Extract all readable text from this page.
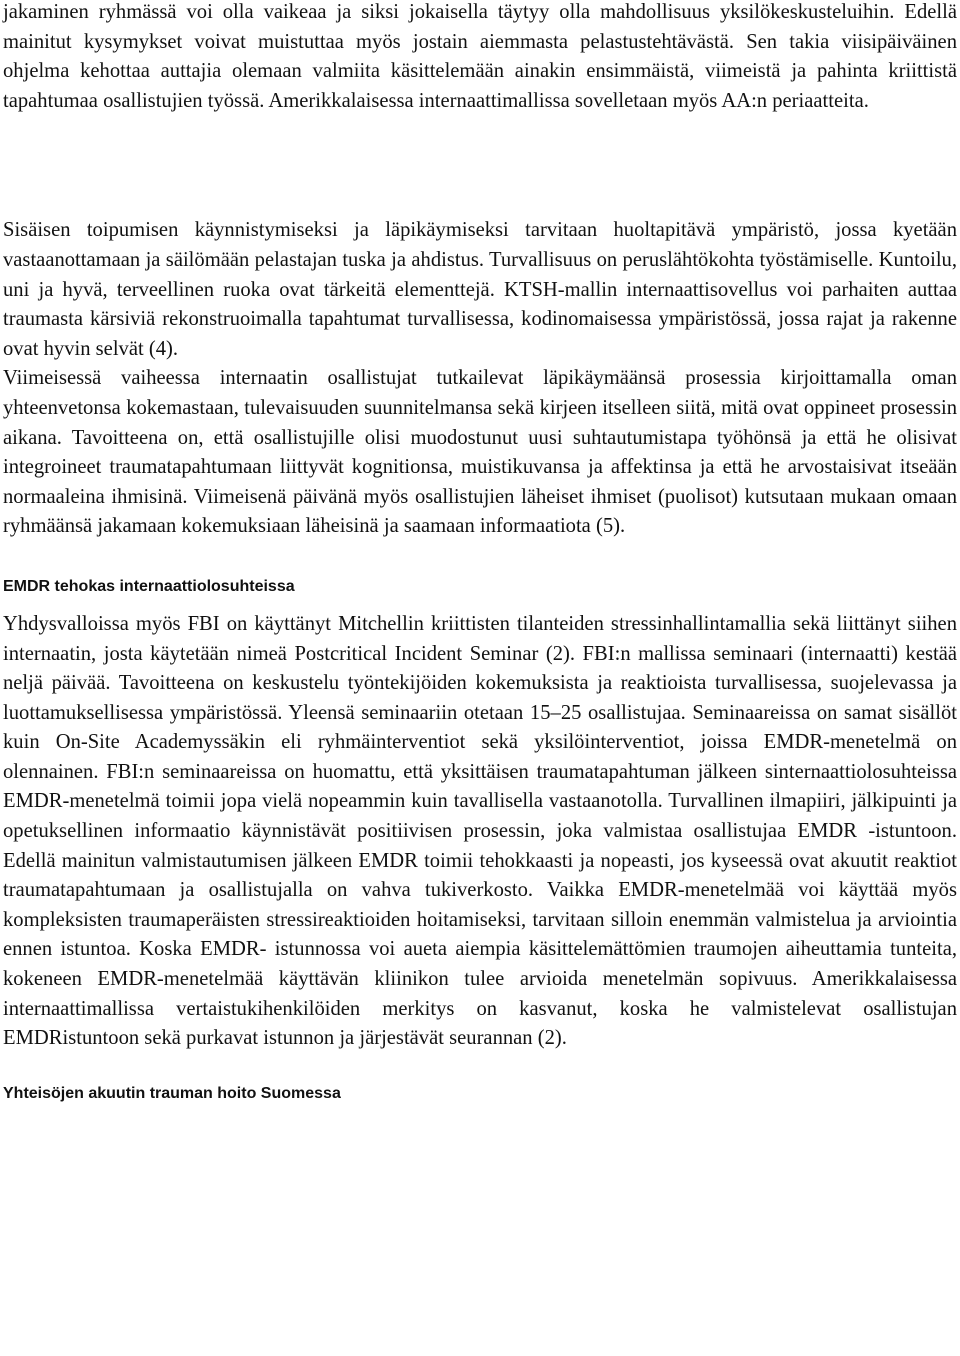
jakaminen ryhmässä voi olla vaikeaa ja siksi jokaisella täytyy olla mahdollisuus yksilökeskusteluihin. Edellä mainitut kysymykset voivat muistuttaa myös jostain aiemmasta pelastustehtävästä. Sen takia viisipäiväinen ohjelma kehottaa auttajia olemaan valmiita käsittelemään ainakin ensimmäistä, viimeistä ja pahinta kriittistä tapahtumaa osallistujien työssä. Amerikkalaisessa internaattimallissa sovelletaan myös AA:n periaatteita.

Sisäisen toipumisen käynnistymiseksi ja läpikäymiseksi tarvitaan huoltapitävä ympäristö, jossa kyetään vastaanottamaan ja säilömään pelastajan tuska ja ahdistus. Turvallisuus on peruslähtökohta työstämiselle. Kuntoilu, uni ja hyvä, terveellinen ruoka ovat tärkeitä elementtejä. KTSH-mallin internaattisovellus voi parhaiten auttaa traumasta kärsiviä rekonstruoimalla tapahtumat turvallisessa, kodinomaisessa ympäristössä, jossa rajat ja rakenne ovat hyvin selvät (4).

Viimeisessä vaiheessa internaatin osallistujat tutkailevat läpikäymäänsä prosessia kirjoittamalla oman yhteenvetonsa kokemastaan, tulevaisuuden suunnitelmansa sekä kirjeen itselleen siitä, mitä ovat oppineet prosessin aikana. Tavoitteena on, että osallistujille olisi muodostunut uusi suhtautumistapa työhönsä ja että he olisivat integroineet traumatapahtumaan liittyvät kognitionsa, muistikuvansa ja affektinsa ja että he arvostaisivat itseään normaaleina ihmisinä. Viimeisenä päivänä myös osallistujien läheiset ihmiset (puolisot) kutsutaan mukaan omaan ryhmäänsä jakamaan kokemuksiaan läheisinä ja saamaan informaatiota (5).

EMDR tehokas internaattiolosuhteissa

Yhdysvalloissa myös FBI on käyttänyt Mitchellin kriittisten tilanteiden stressinhallintamallia sekä liittänyt siihen internaatin, josta käytetään nimeä Postcritical Incident Seminar (2). FBI:n mallissa seminaari (internaatti) kestää neljä päivää. Tavoitteena on keskustelu työntekijöiden kokemuksista ja reaktioista turvallisessa, suojelevassa ja luottamuksellisessa ympäristössä. Yleensä seminaariin otetaan 15–25 osallistujaa. Seminaareissa on samat sisällöt kuin On-Site Academyssäkin eli ryhmäinterventiot sekä yksilöinterventiot, joissa EMDR-menetelmä on olennainen. FBI:n seminaareissa on huomattu, että yksittäisen traumatapahtuman jälkeen sinternaattiolosuhteissa EMDR-menetelmä toimii jopa vielä nopeammin kuin tavallisella vastaanotolla. Turvallinen ilmapiiri, jälkipuinti ja opetuksellinen informaatio käynnistävät positiivisen prosessin, joka valmistaa osallistujaa EMDR -istuntoon. Edellä mainitun valmistautumisen jälkeen EMDR toimii tehokkaasti ja nopeasti, jos kyseessä ovat akuutit reaktiot traumatapahtumaan ja osallistujalla on vahva tukiverkosto. Vaikka EMDR-menetelmää voi käyttää myös kompleksisten traumaperäisten stressireaktioiden hoitamiseksi, tarvitaan silloin enemmän valmistelua ja arviointia ennen istuntoa. Koska EMDR- istunnossa voi aueta aiempia käsittelemättömien traumojen aiheuttamia tunteita, kokeneen EMDR-menetelmää käyttävän kliinikon tulee arvioida menetelmän sopivuus. Amerikkalaisessa internaattimallissa vertaistukihenkilöiden merkitys on kasvanut, koska he valmistelevat osallistujan EMDRistuntoon sekä purkavat istunnon ja järjestävät seurannan (2).

Yhteisöjen akuutin trauman hoito Suomessa
